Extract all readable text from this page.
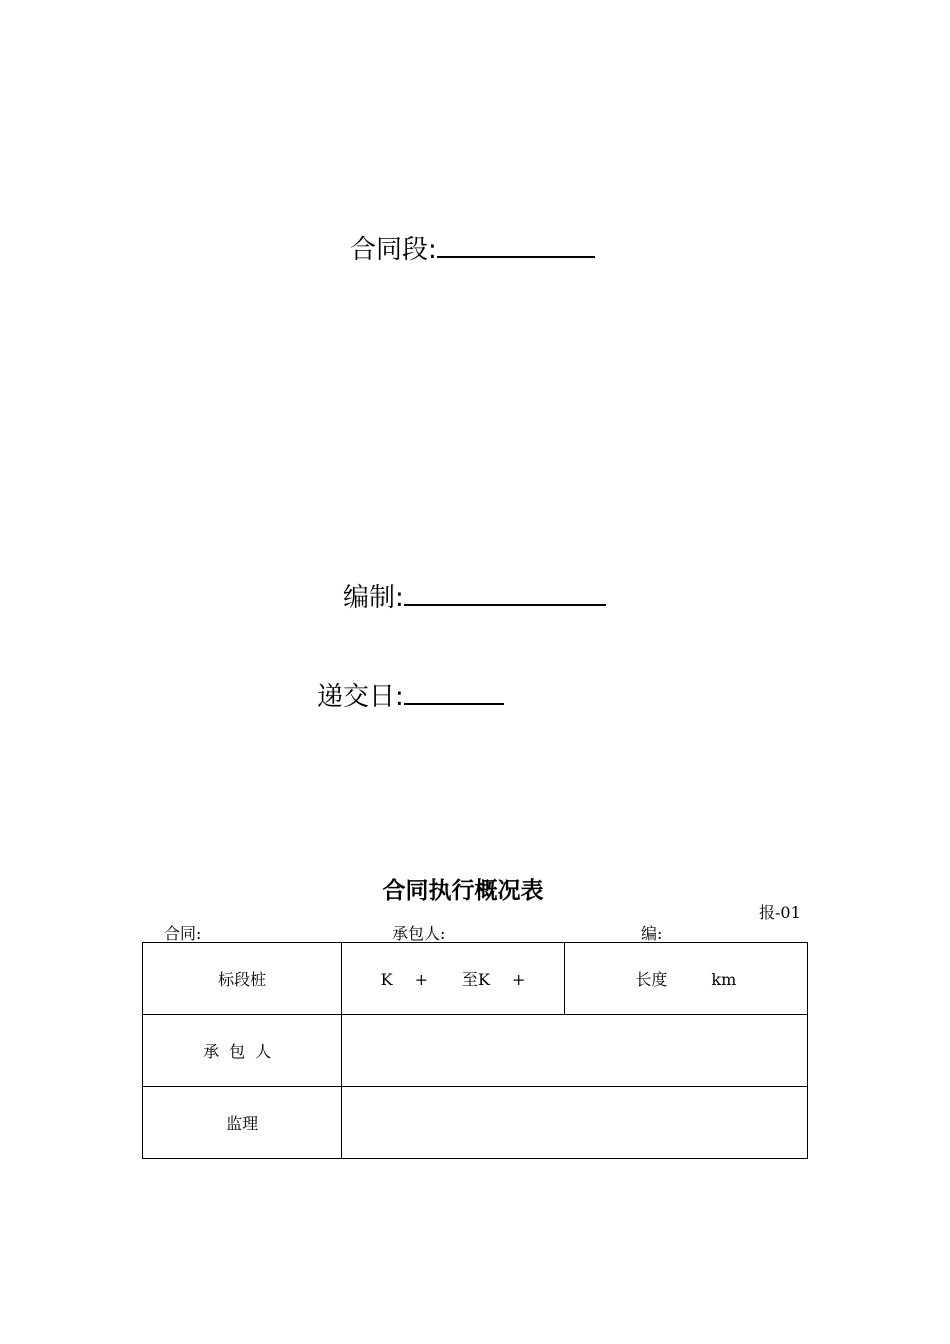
合同段:
编制:
递交日:
合同执行概况表
报-01
合同:	承包人:	编:
标段桩	K + 至K +	长度 km
承包人		
监理		
